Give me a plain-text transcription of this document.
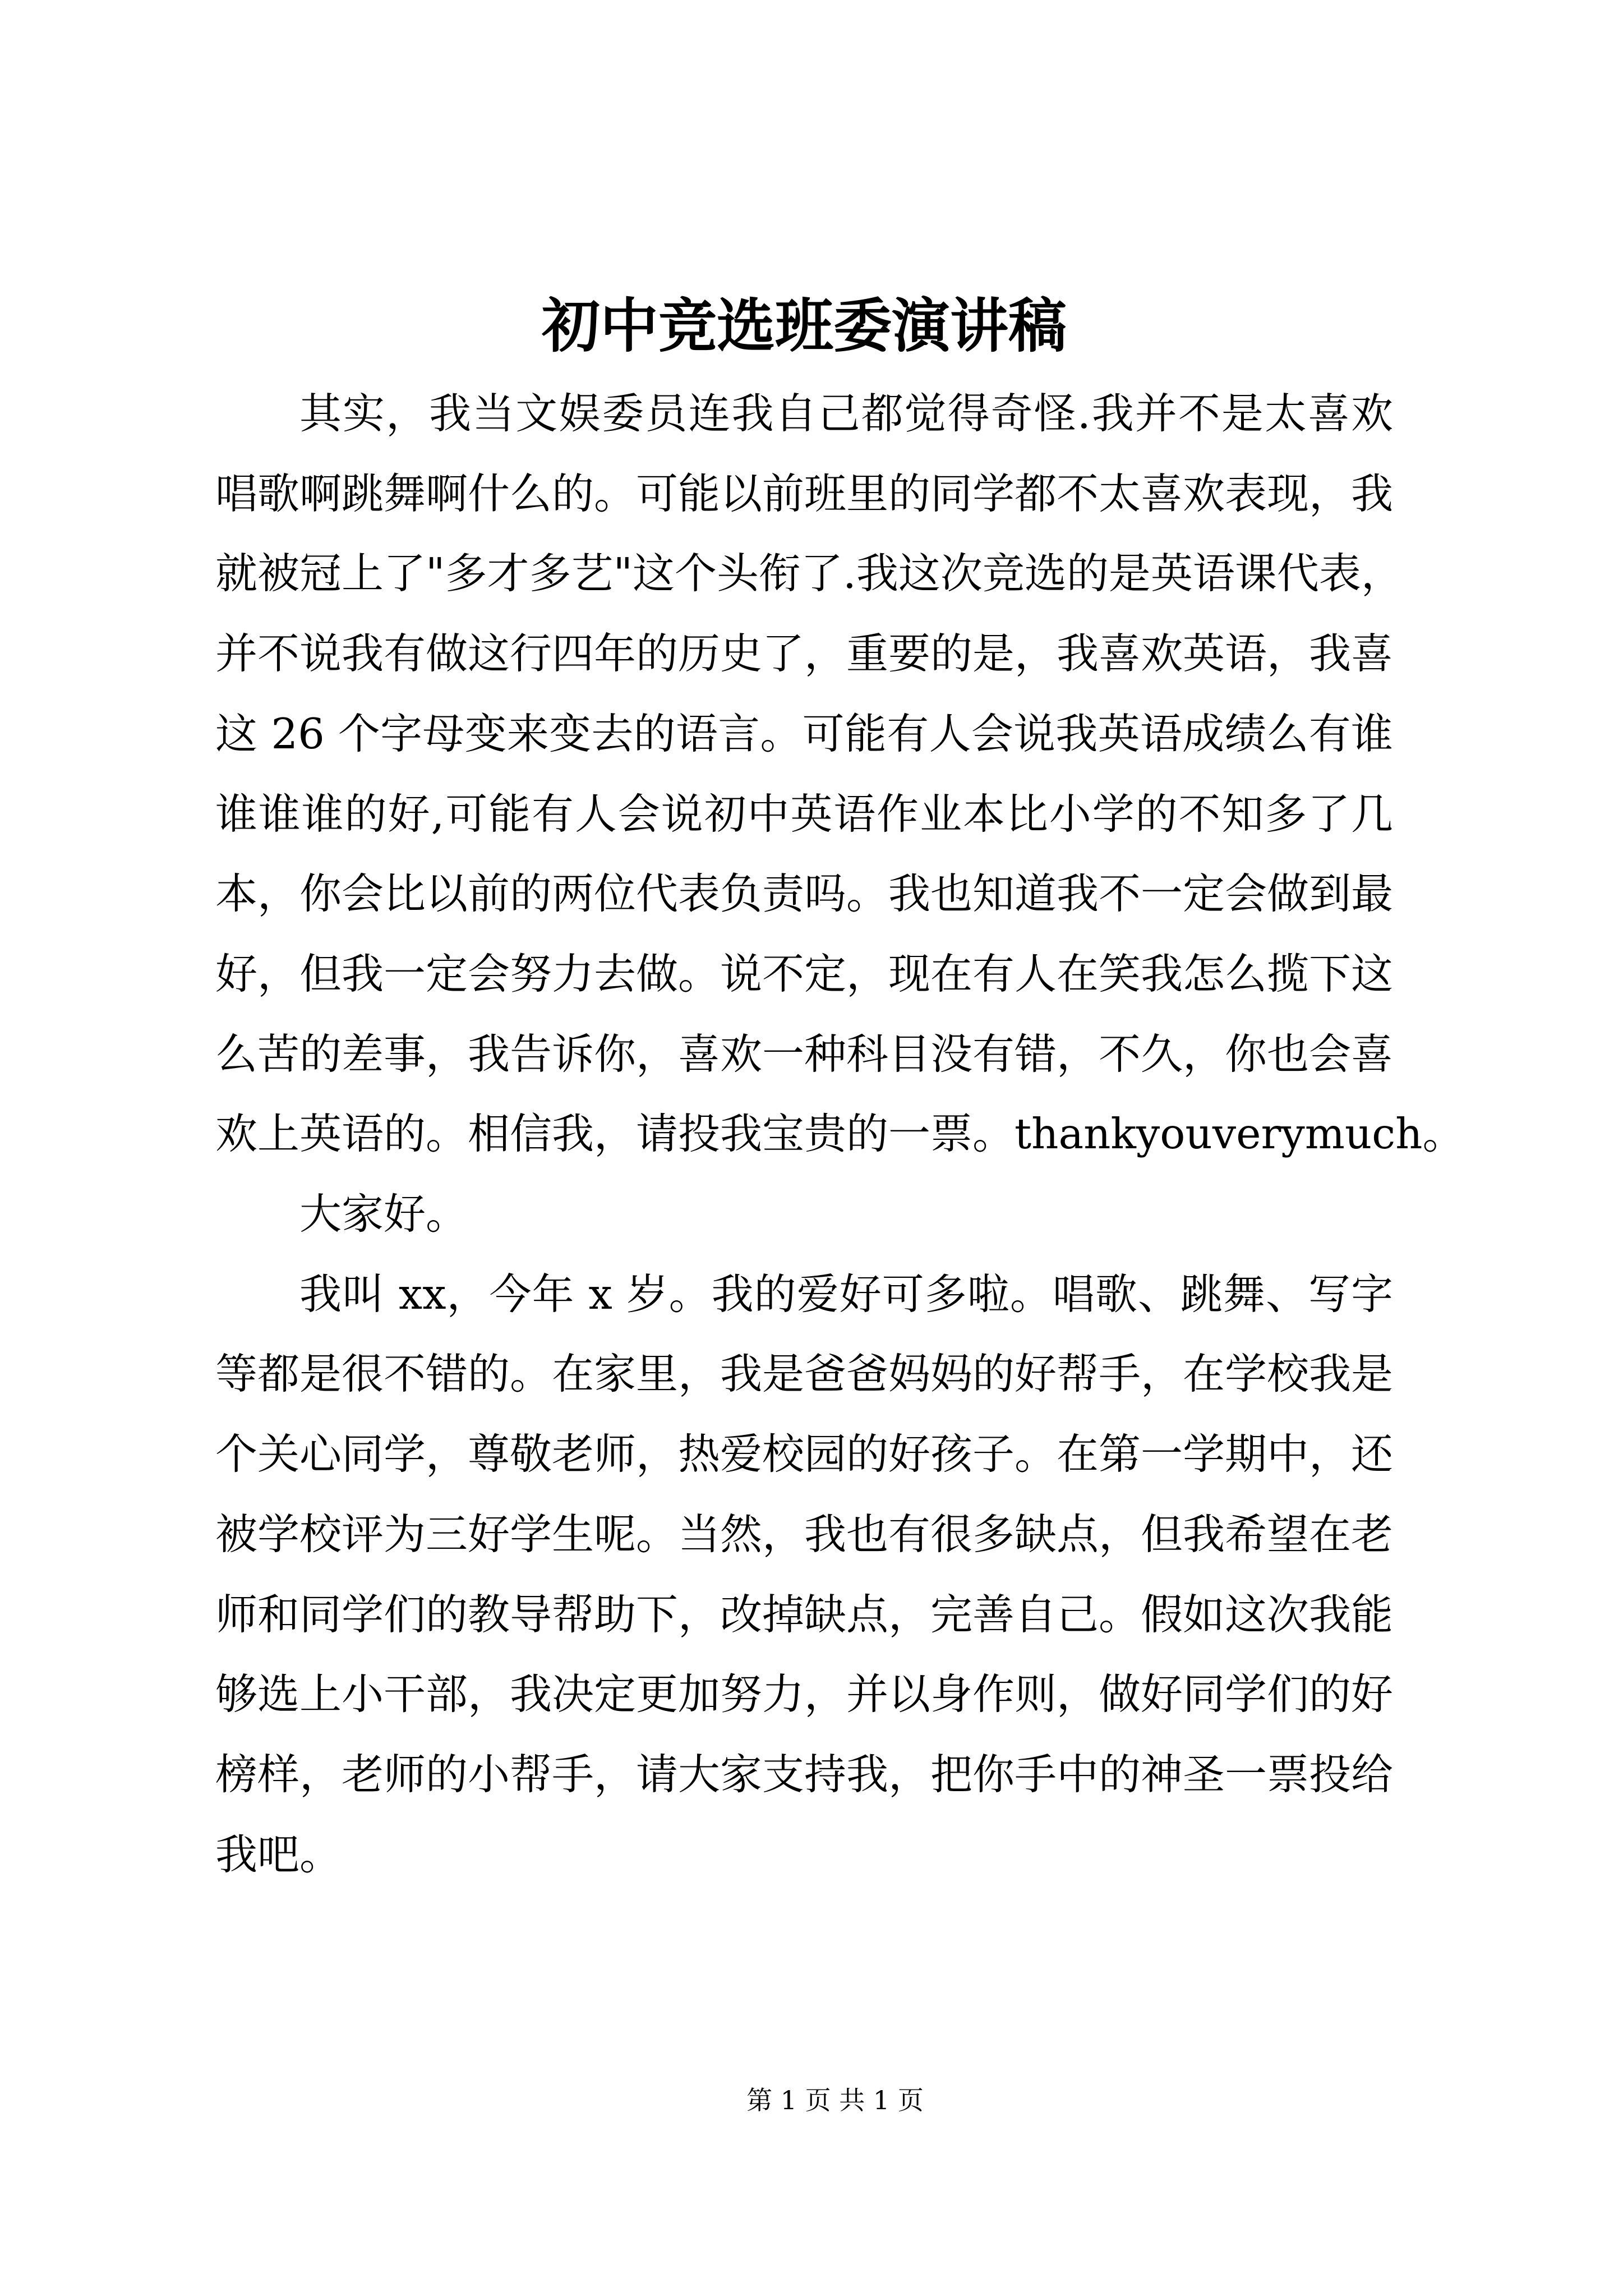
初中竞选班委演讲稿
其实，我当文娱委员连我自己都觉得奇怪.我并不是太喜欢
唱歌啊跳舞啊什么的。可能以前班里的同学都不太喜欢表现，我
就被冠上了"多才多艺"这个头衔了.我这次竞选的是英语课代表，
并不说我有做这行四年的历史了，重要的是，我喜欢英语，我喜
这 26 个字母变来变去的语言。可能有人会说我英语成绩么有谁
谁谁谁的好,可能有人会说初中英语作业本比小学的不知多了几
本，你会比以前的两位代表负责吗。我也知道我不一定会做到最
好，但我一定会努力去做。说不定，现在有人在笑我怎么揽下这
么苦的差事，我告诉你，喜欢一种科目没有错，不久，你也会喜
欢上英语的。相信我，请投我宝贵的一票。thankyouverymuch。
大家好。
我叫 xx，今年 x 岁。我的爱好可多啦。唱歌、跳舞、写字
等都是很不错的。在家里，我是爸爸妈妈的好帮手，在学校我是
个关心同学，尊敬老师，热爱校园的好孩子。在第一学期中，还
被学校评为三好学生呢。当然，我也有很多缺点，但我希望在老
师和同学们的教导帮助下，改掉缺点，完善自己。假如这次我能
够选上小干部，我决定更加努力，并以身作则，做好同学们的好
榜样，老师的小帮手，请大家支持我，把你手中的神圣一票投给
我吧。
第 1 页 共 1 页
